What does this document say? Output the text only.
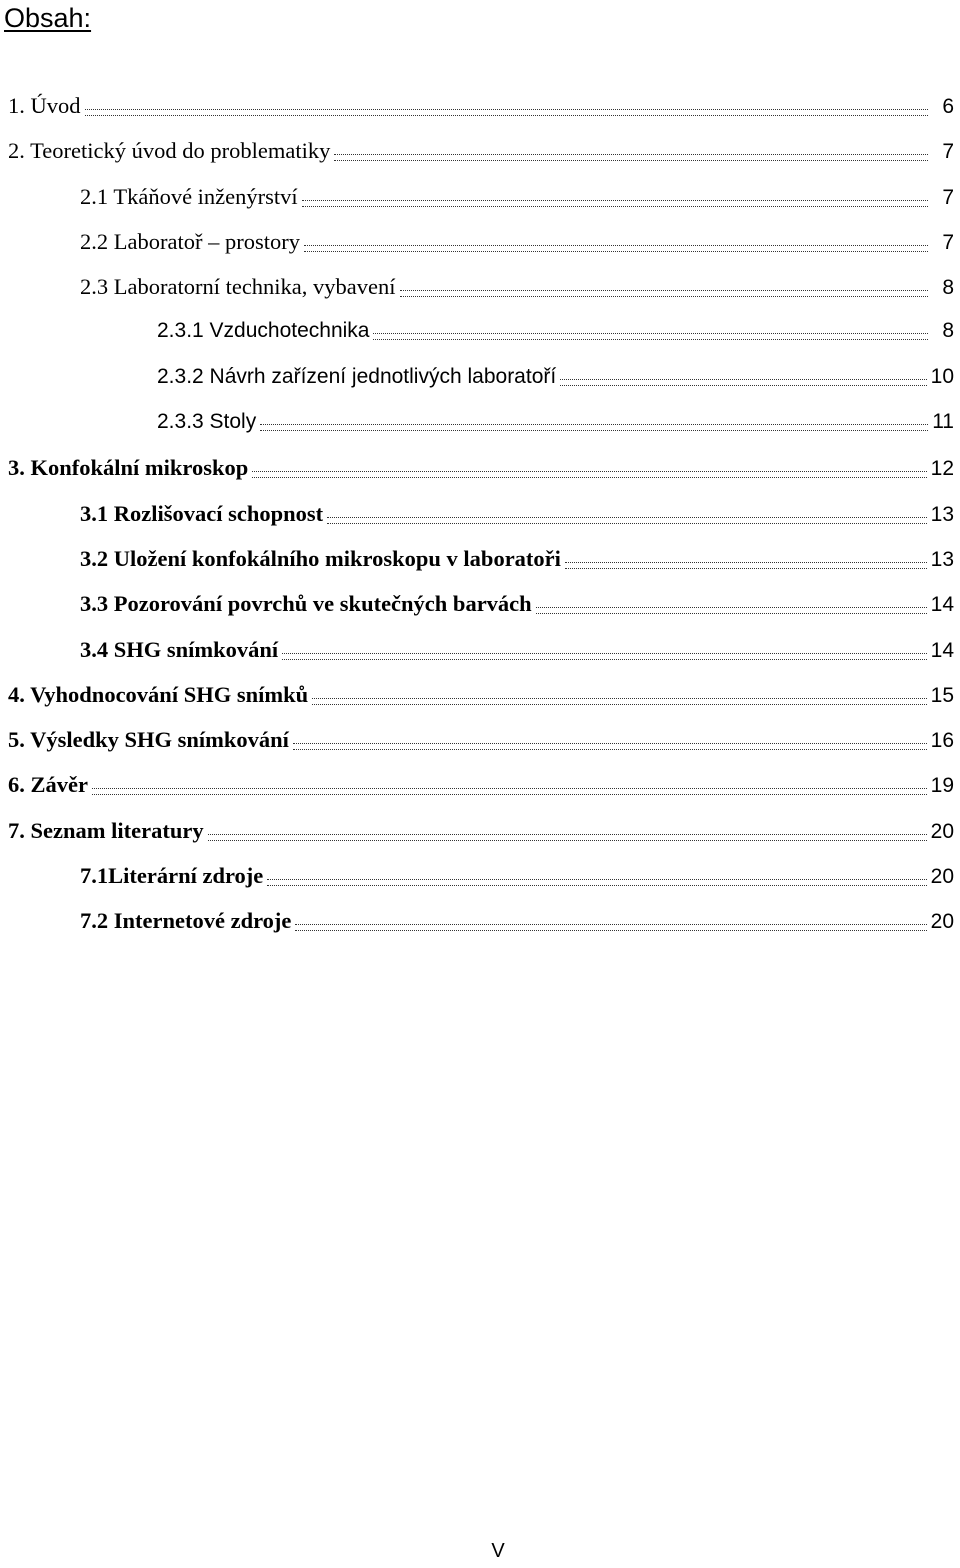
Obsah:
1. Úvod	6
2. Teoretický úvod do problematiky	7
2.1 Tkáňové inženýrství	7
2.2 Laboratoř – prostory	7
2.3 Laboratorní technika, vybavení	8
2.3.1 Vzduchotechnika	8
2.3.2 Návrh zařízení jednotlivých laboratoří	10
2.3.3 Stoly	11
3. Konfokální mikroskop	12
3.1 Rozlišovací schopnost	13
3.2 Uložení konfokálního mikroskopu v laboratoři	13
3.3 Pozorování povrchů ve skutečných barvách	14
3.4 SHG snímkování	14
4. Vyhodnocování SHG snímků	15
5. Výsledky SHG snímkování	16
6. Závěr	19
7. Seznam literatury	20
7.1Literární zdroje	20
7.2 Internetové zdroje	20

V
